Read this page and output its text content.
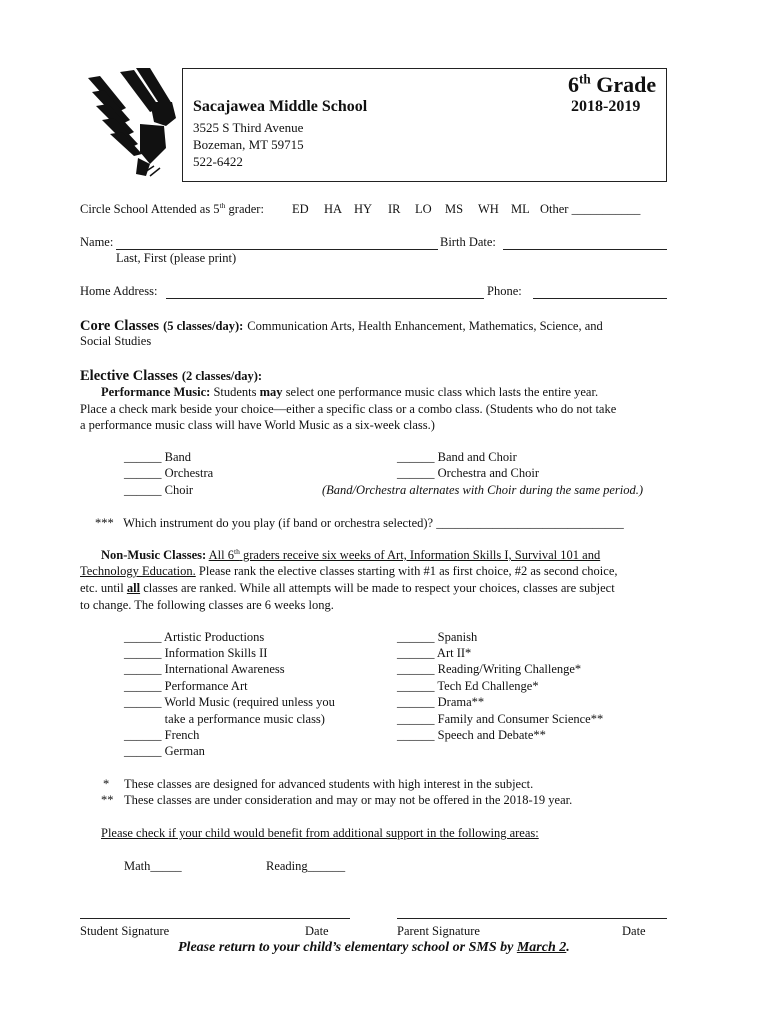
6th Grade
Sacajawea Middle School	2018-2019
3525 S Third Avenue
Bozeman, MT 59715
522-6422
Circle School Attended as 5th grader: ED HA HY IR LO MS WH ML Other ___________
Name:	Birth Date:
Last, First (please print)
Home Address:	Phone:
Core Classes (5 classes/day): Communication Arts, Health Enhancement, Mathematics, Science, and
Social Studies
Elective Classes (2 classes/day):
Performance Music: Students may select one performance music class which lasts the entire year.
Place a check mark beside your choice—either a specific class or a combo class. (Students who do not take
a performance music class will have World Music as a six-week class.)
______ Band
______ Orchestra
______ Choir
______ Band and Choir
______ Orchestra and Choir
(Band/Orchestra alternates with Choir during the same period.)
*** Which instrument do you play (if band or orchestra selected)? ______________________________
Non-Music Classes: All 6th graders receive six weeks of Art, Information Skills I, Survival 101 and
Technology Education. Please rank the elective classes starting with #1 as first choice, #2 as second choice,
etc. until all classes are ranked. While all attempts will be made to respect your choices, classes are subject
to change. The following classes are 6 weeks long.
______ Artistic Productions
______ Information Skills II
______ International Awareness
______ Performance Art
______ World Music (required unless you
take a performance music class)
______ French
______ German
______ Spanish
______ Art II*
______ Reading/Writing Challenge*
______ Tech Ed Challenge*
______ Drama**
______ Family and Consumer Science**
______ Speech and Debate**
* These classes are designed for advanced students with high interest in the subject.
** These classes are under consideration and may or may not be offered in the 2018-19 year.
Please check if your child would benefit from additional support in the following areas:
Math_____	Reading______
Student Signature	Date	Parent Signature	Date
Please return to your child’s elementary school or SMS by March 2.
